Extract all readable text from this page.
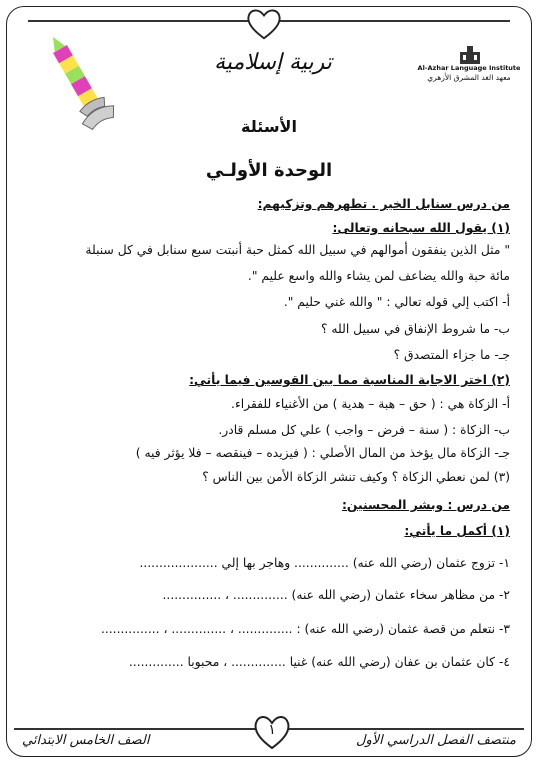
تربية إسلامية	Al-Azhar Language Institute
معهد الغد المشرق الأزهري
الأسئلة
الوحدة الأولـي
من درس سنابل الخير . تطهرهم وتزكيهم:
(١) يقول الله سبحانه وتعالى:
" مثل الذين ينفقون أموالهم في سبيل الله كمثل حبة أنبتت سبع سنابل في كل سنبلة
مائة حبة والله يضاعف لمن يشاء والله واسع عليم ".
أ- اكتب إلي قوله تعالي : " والله غني حليم ".
ب- ما شروط الإنفاق في سبيل الله ؟
جـ- ما جزاء المتصدق ؟
(٢) اختر الاجابة المناسبة مما بين القوسين فيما يأتي:
أ- الزكاة هي : ( حق – هبة – هدية ) من الأغنياء للفقراء.
ب- الزكاة : ( سنة – فرض – واجب ) علي كل مسلم قادر.
جـ- الزكاة مال يؤخذ من المال الأصلي : ( فيزيده – فينقصه – فلا يؤثر فيه )
(٣) لمن نعطي الزكاة ؟ وكيف تنشر الزكاة الأمن بين الناس ؟
من درس : وبشر المحسنين:
(١) أكمل ما يأتي:
١- تزوج عثمان (رضي الله عنه) .............. وهاجر بها إلي ....................
٢- من مظاهر سخاء عثمان (رضي الله عنه) .............. ، ...............
٣- نتعلم من قصة عثمان (رضي الله عنه) : .............. ، .............. ، ...............
٤- كان عثمان بن عفان (رضي الله عنه) غنيا .............. ، محبوبا ..............
١
الصف الخامس الابتدائي	منتصف الفصل الدراسي الأول
